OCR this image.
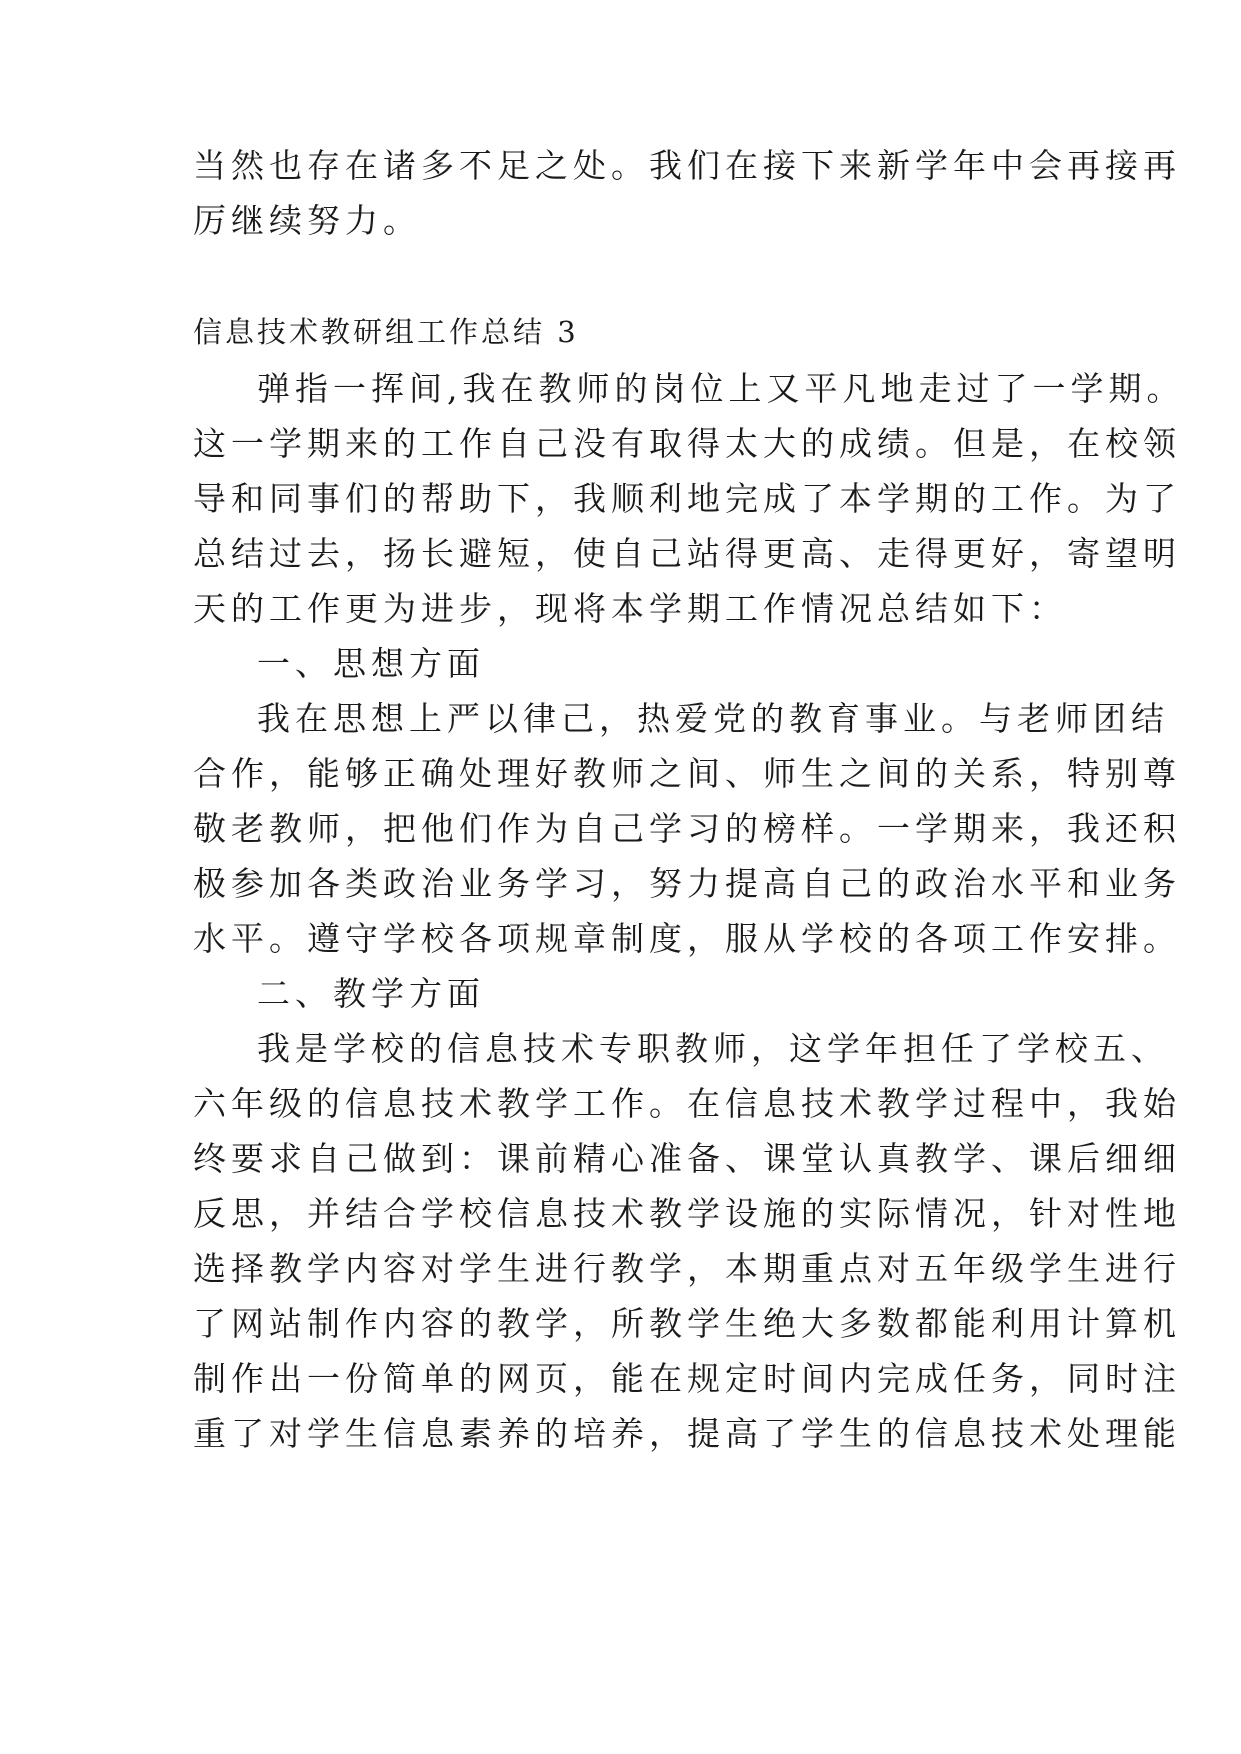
当然也存在诸多不足之处。我们在接下来新学年中会再接再
厉继续努力。
信息技术教研组工作总结 3
弹指一挥间,我在教师的岗位上又平凡地走过了一学期。
这一学期来的工作自己没有取得太大的成绩。但是，在校领
导和同事们的帮助下，我顺利地完成了本学期的工作。为了
总结过去，扬长避短，使自己站得更高、走得更好，寄望明
天的工作更为进步，现将本学期工作情况总结如下：
一、思想方面
我在思想上严以律己，热爱党的教育事业。与老师团结
合作，能够正确处理好教师之间、师生之间的关系，特别尊
敬老教师，把他们作为自己学习的榜样。一学期来，我还积
极参加各类政治业务学习，努力提高自己的政治水平和业务
水平。遵守学校各项规章制度，服从学校的各项工作安排。
二、教学方面
我是学校的信息技术专职教师，这学年担任了学校五、
六年级的信息技术教学工作。在信息技术教学过程中，我始
终要求自己做到：课前精心准备、课堂认真教学、课后细细
反思，并结合学校信息技术教学设施的实际情况，针对性地
选择教学内容对学生进行教学，本期重点对五年级学生进行
了网站制作内容的教学，所教学生绝大多数都能利用计算机
制作出一份简单的网页，能在规定时间内完成任务，同时注
重了对学生信息素养的培养，提高了学生的信息技术处理能
